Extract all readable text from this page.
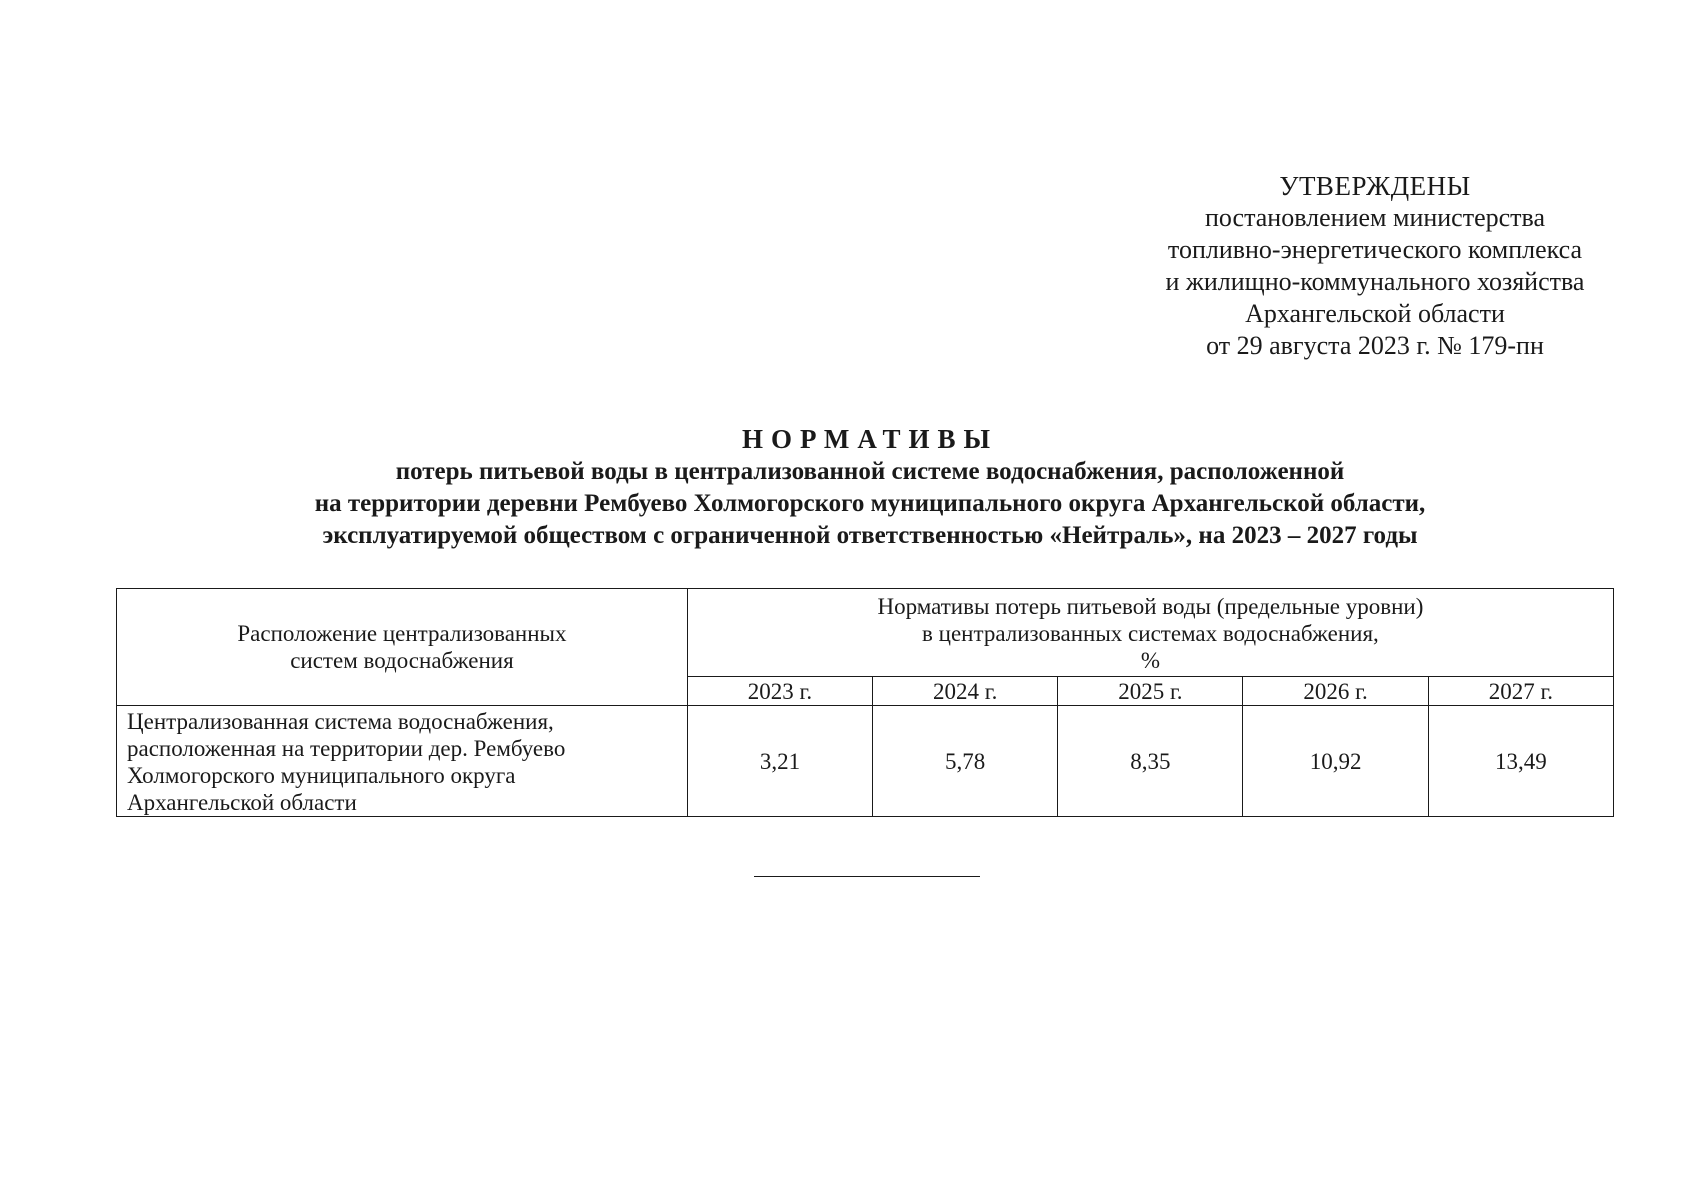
УТВЕРЖДЕНЫ
постановлением министерства
топливно-энергетического комплекса
и жилищно-коммунального хозяйства
Архангельской области
от 29 августа 2023 г. № 179-пн
НОРМАТИВЫ
потерь питьевой воды в централизованной системе водоснабжения, расположенной
на территории деревни Рембуево Холмогорского муниципального округа Архангельской области,
эксплуатируемой обществом с ограниченной ответственностью «Нейтраль», на 2023 – 2027 годы
Расположение централизованных
систем водоснабжения	Нормативы потерь питьевой воды (предельные уровни)
в централизованных системах водоснабжения,
%				

	2023 г.	2024 г.	2025 г.	2026 г.	2027 г.

Централизованная система водоснабжения,
расположенная на территории дер. Рембуево
Холмогорского муниципального округа
Архангельской области	3,21	5,78	8,35	10,92	13,49
